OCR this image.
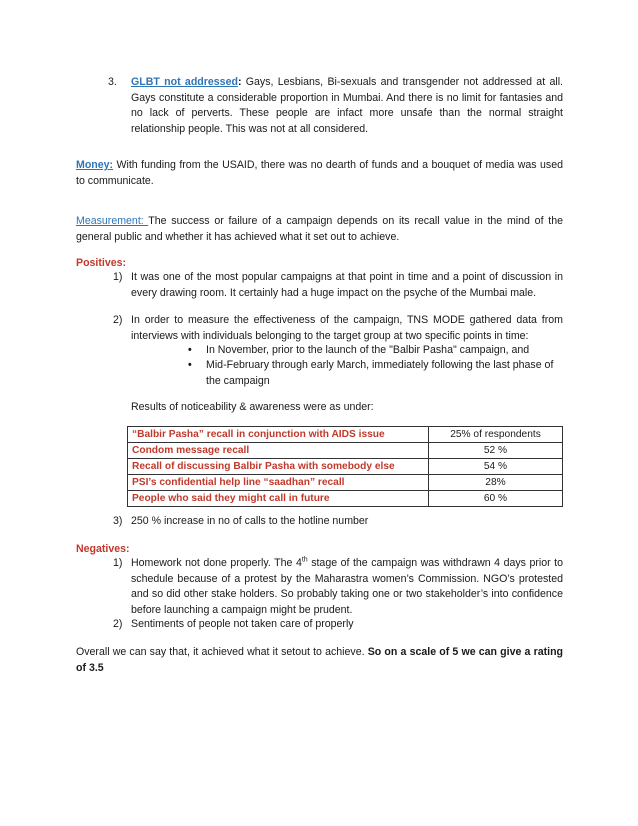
3. GLBT not addressed: Gays, Lesbians, Bi-sexuals and transgender not addressed at all. Gays constitute a considerable proportion in Mumbai. And there is no limit for fantasies and no lack of perverts. These people are infact more unsafe than the normal straight relationship people. This was not at all considered.
Money: With funding from the USAID, there was no dearth of funds and a bouquet of media was used to communicate.
Measurement: The success or failure of a campaign depends on its recall value in the mind of the general public and whether it has achieved what it set out to achieve.
Positives:
1) It was one of the most popular campaigns at that point in time and a point of discussion in every drawing room. It certainly had a huge impact on the psyche of the Mumbai male.
2) In order to measure the effectiveness of the campaign, TNS MODE gathered data from interviews with individuals belonging to the target group at two specific points in time:
• In November, prior to the launch of the "Balbir Pasha" campaign, and
• Mid-February through early March, immediately following the last phase of the campaign
Results of noticeability & awareness were as under:
“Balbir Pasha” recall in conjunction with AIDS issue	25% of respondents
Condom message recall	52 %
Recall of discussing Balbir Pasha with somebody else	54 %
PSI’s confidential help line “saadhan” recall	28%
People who said they might call in future	60 %
3) 250 % increase in no of calls to the hotline number
Negatives:
1) Homework not done properly. The 4th stage of the campaign was withdrawn 4 days prior to schedule because of a protest by the Maharastra women’s Commission. NGO’s protested and so did other stake holders. So probably taking one or two stakeholder’s into confidence before launching a campaign might be prudent.
2) Sentiments of people not taken care of properly
Overall we can say that, it achieved what it setout to achieve. So on a scale of 5 we can give a rating of 3.5
